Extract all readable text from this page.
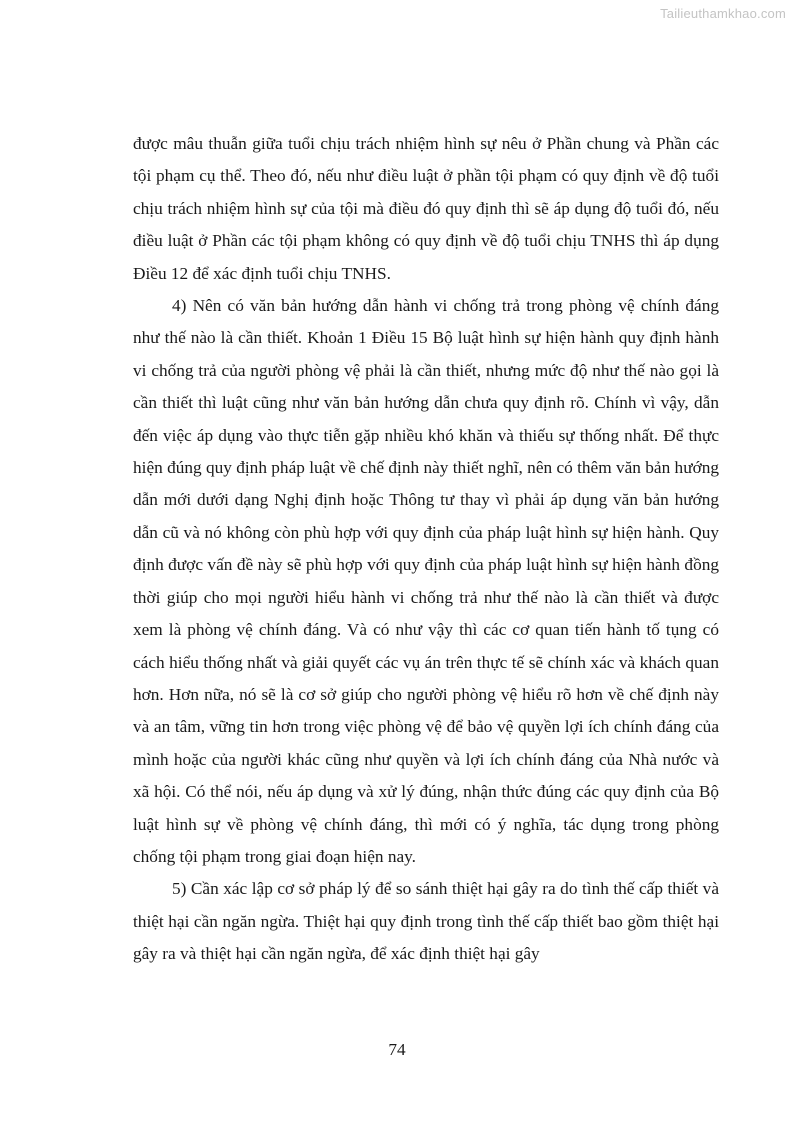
Tailieuthamkhao.com

được mâu thuẫn giữa tuổi chịu trách nhiệm hình sự nêu ở Phần chung và Phần các tội phạm cụ thể. Theo đó, nếu như điều luật ở phần tội phạm có quy định về độ tuổi chịu trách nhiệm hình sự của tội mà điều đó quy định thì sẽ áp dụng độ tuổi đó, nếu điều luật ở Phần các tội phạm không có quy định về độ tuổi chịu TNHS thì áp dụng Điều 12 để xác định tuổi chịu TNHS.

4) Nên có văn bản hướng dẫn hành vi chống trả trong phòng vệ chính đáng như thế nào là cần thiết. Khoản 1 Điều 15 Bộ luật hình sự hiện hành quy định hành vi chống trả của người phòng vệ phải là cần thiết, nhưng mức độ như thế nào gọi là cần thiết thì luật cũng như văn bản hướng dẫn chưa quy định rõ. Chính vì vậy, dẫn đến việc áp dụng vào thực tiễn gặp nhiều khó khăn và thiếu sự thống nhất. Để thực hiện đúng quy định pháp luật về chế định này thiết nghĩ, nên có thêm văn bản hướng dẫn mới dưới dạng Nghị định hoặc Thông tư thay vì phải áp dụng văn bản hướng dẫn cũ và nó không còn phù hợp với quy định của pháp luật hình sự hiện hành. Quy định được vấn đề này sẽ phù hợp với quy định của pháp luật hình sự hiện hành đồng thời giúp cho mọi người hiểu hành vi chống trả như thế nào là cần thiết và được xem là phòng vệ chính đáng. Và có như vậy thì các cơ quan tiến hành tố tụng có cách hiểu thống nhất và giải quyết các vụ án trên thực tế sẽ chính xác và khách quan hơn. Hơn nữa, nó sẽ là cơ sở giúp cho người phòng vệ hiểu rõ hơn về chế định này và an tâm, vững tin hơn trong việc phòng vệ để bảo vệ quyền lợi ích chính đáng của mình hoặc của người khác cũng như quyền và lợi ích chính đáng của Nhà nước và xã hội. Có thể nói, nếu áp dụng và xử lý đúng, nhận thức đúng các quy định của Bộ luật hình sự về phòng vệ chính đáng, thì mới có ý nghĩa, tác dụng trong phòng chống tội phạm trong giai đoạn hiện nay.

5) Cần xác lập cơ sở pháp lý để so sánh thiệt hại gây ra do tình thế cấp thiết và thiệt hại cần ngăn ngừa. Thiệt hại quy định trong tình thế cấp thiết bao gồm thiệt hại gây ra và thiệt hại cần ngăn ngừa, để xác định thiệt hại gây

74
